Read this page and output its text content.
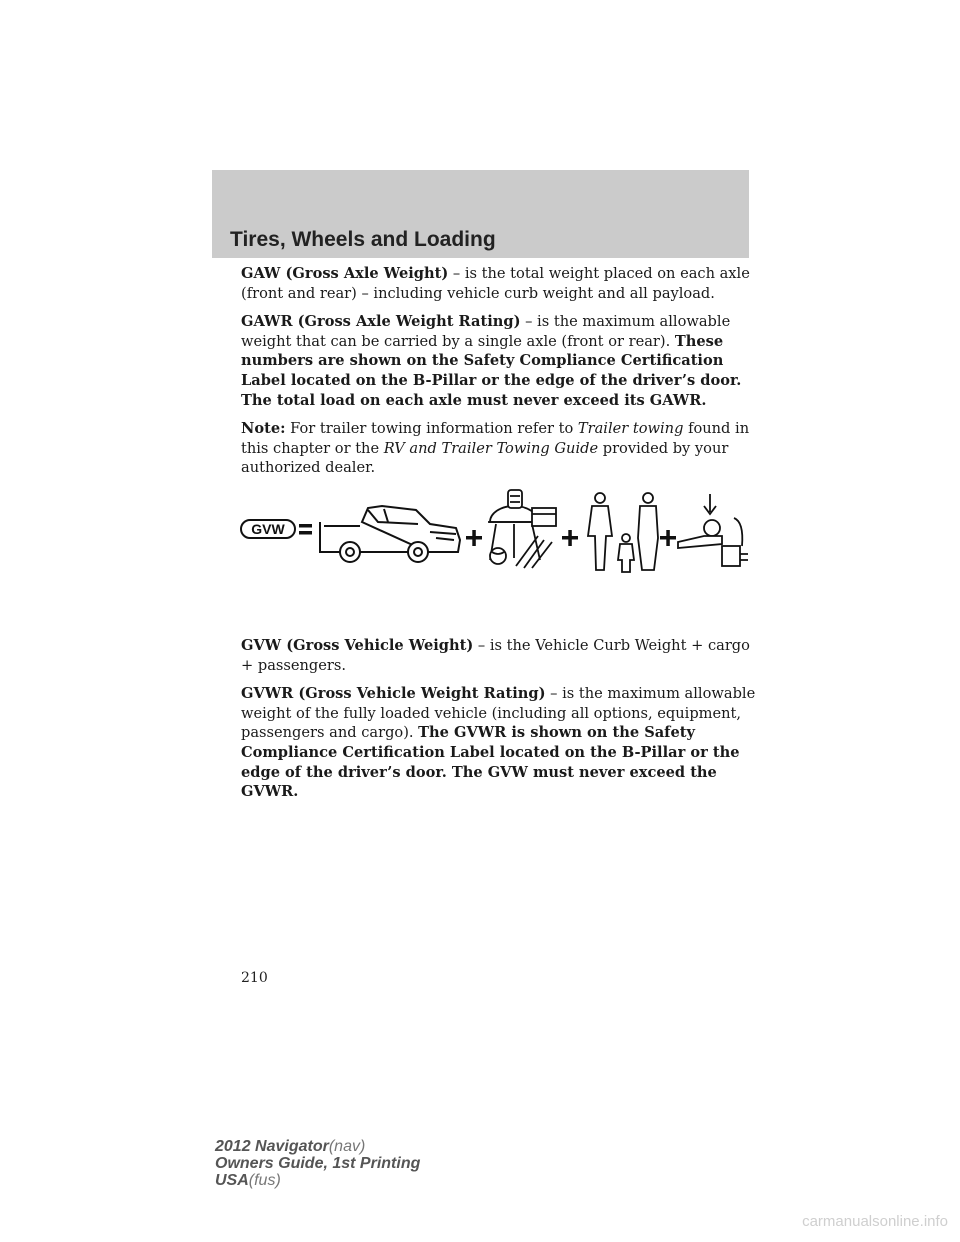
Tires, Wheels and Loading

GAW (Gross Axle Weight) – is the total weight placed on each axle (front and rear) – including vehicle curb weight and all payload.

GAWR (Gross Axle Weight Rating) – is the maximum allowable weight that can be carried by a single axle (front or rear). These numbers are shown on the Safety Compliance Certification Label located on the B-Pillar or the edge of the driver’s door. The total load on each axle must never exceed its GAWR.

Note: For trailer towing information refer to Trailer towing found in this chapter or the RV and Trailer Towing Guide provided by your authorized dealer.

GVW

GVW (Gross Vehicle Weight) – is the Vehicle Curb Weight + cargo + passengers.

GVWR (Gross Vehicle Weight Rating) – is the maximum allowable weight of the fully loaded vehicle (including all options, equipment, passengers and cargo). The GVWR is shown on the Safety Compliance Certification Label located on the B-Pillar or the edge of the driver’s door. The GVW must never exceed the GVWR.

210
2012 Navigator(nav)
Owners Guide, 1st Printing
USA(fus)
carmanualsonline.info
